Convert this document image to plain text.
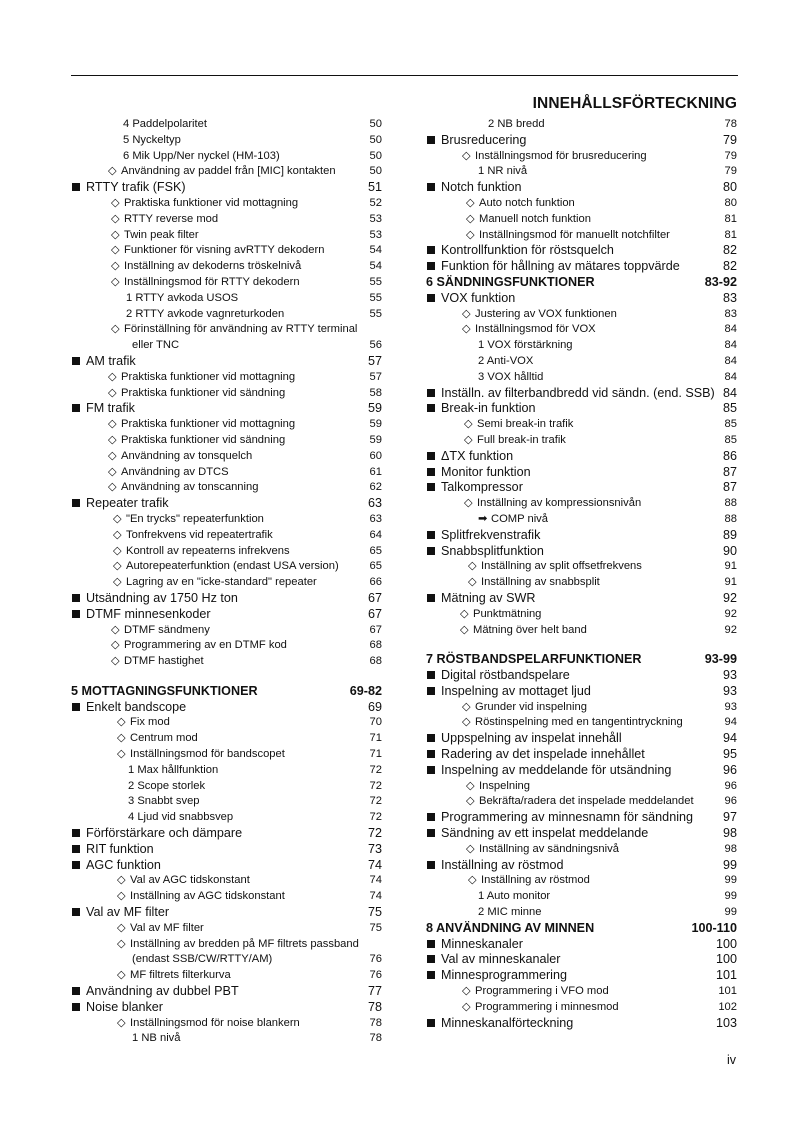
INNEHÅLLSFÖRTECKNING
4 Paddelpolaritet	50
5 Nyckeltyp	50
6 Mik Upp/Ner nyckel (HM-103)	50
◇ Användning av paddel från [MIC] kontakten	50
RTTY trafik (FSK)	51
◇ Praktiska funktioner vid mottagning	52
◇ RTTY reverse mod	53
◇ Twin peak filter	53
◇ Funktioner för visning avRTTY dekodern	54
◇ Inställning av dekoderns tröskelnivå	54
◇ Inställningsmod för RTTY dekodern	55
1 RTTY avkoda USOS	55
2 RTTY avkode vagnreturkoden	55
◇ Förinställning för användning av RTTY terminal
eller TNC	56
AM trafik	57
◇ Praktiska funktioner vid mottagning	57
◇ Praktiska funktioner vid sändning	58
FM trafik	59
◇ Praktiska funktioner vid mottagning	59
◇ Praktiska funktioner vid sändning	59
◇ Användning av tonsquelch	60
◇ Användning av DTCS	61
◇ Användning av tonscanning	62
Repeater trafik	63
◇ "En trycks" repeaterfunktion	63
◇ Tonfrekvens vid repeatertrafik	64
◇ Kontroll av repeaterns infrekvens	65
◇ Autorepeaterfunktion (endast USA version)	65
◇ Lagring av en "icke-standard" repeater	66
Utsändning av 1750 Hz ton	67
DTMF minnesenkoder	67
◇ DTMF sändmeny	67
◇ Programmering av en DTMF kod	68
◇ DTMF hastighet	68
5 MOTTAGNINGSFUNKTIONER	69-82
Enkelt bandscope	69
◇ Fix mod	70
◇ Centrum mod	71
◇ Inställningsmod för bandscopet	71
1 Max hållfunktion	72
2 Scope storlek	72
3 Snabbt svep	72
4 Ljud vid snabbsvep	72
Förförstärkare och dämpare	72
RIT funktion	73
AGC funktion	74
◇ Val av AGC tidskonstant	74
◇ Inställning av AGC tidskonstant	74
Val av MF filter	75
◇ Val av MF filter	75
◇ Inställning av bredden på MF filtrets passband
(endast SSB/CW/RTTY/AM)	76
◇ MF filtrets filterkurva	76
Användning av dubbel PBT	77
Noise blanker	78
◇ Inställningsmod för noise blankern	78
1 NB nivå	78
2 NB bredd	78
Brusreducering	79
◇ Inställningsmod för brusreducering	79
1 NR nivå	79
Notch funktion	80
◇ Auto notch funktion	80
◇ Manuell notch funktion	81
◇ Inställningsmod för manuellt notchfilter	81
Kontrollfunktion för röstsquelch	82
Funktion för hållning av mätares toppvärde	82
6 SÄNDNINGSFUNKTIONER	83-92
VOX funktion	83
◇ Justering av VOX funktionen	83
◇ Inställningsmod för VOX	84
1 VOX förstärkning	84
2 Anti-VOX	84
3 VOX hålltid	84
Inställn. av filterbandbredd vid sändn. (end. SSB) 84
Break-in funktion	85
◇ Semi break-in trafik	85
◇ Full break-in trafik	85
ΔTX funktion	86
Monitor funktion	87
Talkompressor	87
◇ Inställning av kompressionsnivån	88
➡ COMP nivå	88
Splitfrekvenstrafik	89
Snabbsplitfunktion	90
◇ Inställning av split offsetfrekvens	91
◇ Inställning av snabbsplit	91
Mätning av SWR	92
◇ Punktmätning	92
◇ Mätning över helt band	92
7 RÖSTBANDSPELARFUNKTIONER	93-99
Digital röstbandspelare	93
Inspelning av mottaget ljud	93
◇ Grunder vid inspelning	93
◇ Röstinspelning med en tangentintryckning	94
Uppspelning av inspelat innehåll	94
Radering av det inspelade innehållet	95
Inspelning av meddelande för utsändning	96
◇ Inspelning	96
◇ Bekräfta/radera det inspelade meddelandet	96
Programmering av minnesnamn för sändning 97
Sändning av ett inspelat meddelande	98
◇ Inställning av sändningsnivå	98
Inställning av röstmod	99
◇ Inställning av röstmod	99
1 Auto monitor	99
2 MIC minne	99
8 ANVÄNDNING AV MINNEN	100-110
Minneskanaler	100
Val av minneskanaler	100
Minnesprogrammering	101
◇ Programmering i VFO mod	101
◇ Programmering i minnesmod	102
Minneskanalförteckning	103
iv
